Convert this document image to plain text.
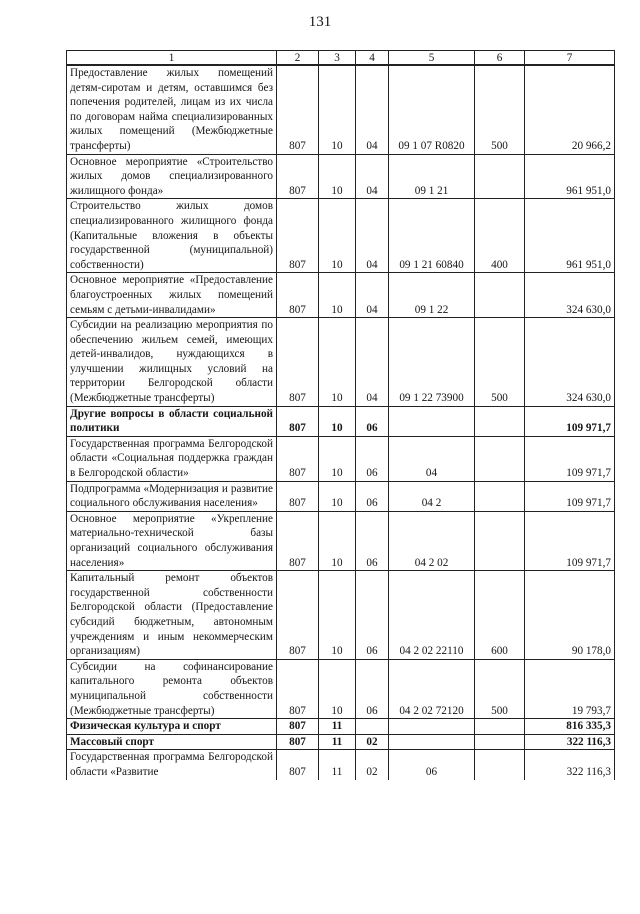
131
1	2	3	4	5	6	7
Предоставление жилых помещений детям-сиротам и детям, оставшимся без попечения родителей, лицам из их числа по договорам найма специализированных жилых помещений (Межбюджетные трансферты)	807	10	04	09 1 07 R0820	500	20 966,2
Основное мероприятие «Строительство жилых домов специализированного жилищного фонда»	807	10	04	09 1 21		961 951,0
Строительство жилых домов специализированного жилищного фонда (Капитальные вложения в объекты государственной (муниципальной) собственности)	807	10	04	09 1 21 60840	400	961 951,0
Основное мероприятие «Предоставление благоустроенных жилых помещений семьям с детьми-инвалидами»	807	10	04	09 1 22		324 630,0
Субсидии на реализацию мероприятия по обеспечению жильем семей, имеющих детей-инвалидов, нуждающихся в улучшении жилищных условий на территории Белгородской области (Межбюджетные трансферты)	807	10	04	09 1 22 73900	500	324 630,0
Другие вопросы в области социальной политики	807	10	06			109 971,7
Государственная программа Белгородской области «Социальная поддержка граждан в Белгородской области»	807	10	06	04		109 971,7
Подпрограмма «Модернизация и развитие социального обслуживания населения»	807	10	06	04 2		109 971,7
Основное мероприятие «Укрепление материально-технической базы организаций социального обслуживания населения»	807	10	06	04 2 02		109 971,7
Капитальный ремонт объектов государственной собственности Белгородской области (Предоставление субсидий бюджетным, автономным учреждениям и иным некоммерческим организациям)	807	10	06	04 2 02 22110	600	90 178,0
Субсидии на софинансирование капитального ремонта объектов муниципальной собственности (Межбюджетные трансферты)	807	10	06	04 2 02 72120	500	19 793,7
Физическая культура и спорт	807	11				816 335,3
Массовый спорт	807	11	02			322 116,3
Государственная программа Белгородской области «Развитие	807	11	02	06		322 116,3
